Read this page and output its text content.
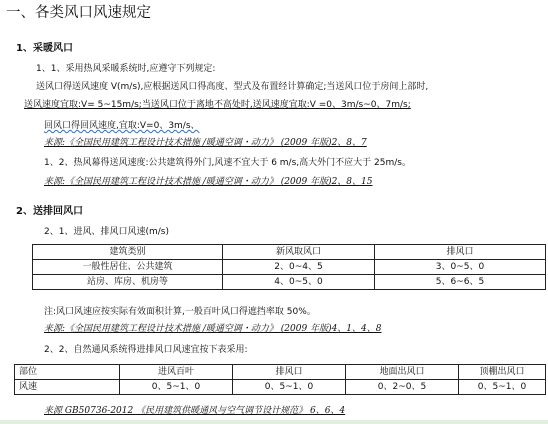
一、各类风口风速规定
1、采暖风口
1、1、采用热风采暖系统时,应遵守下列规定:
送风口得送风速度 V(m/s),应根据送风口得高度、型式及布置经计算确定;当送风口位于房间上部时,
送风速度宜取:V= 5~15m/s;当送风口位于离地不高处时,送风速度宜取:V =0、3m/s~0、7m/s;
回风口得回风速度,宜取:V=0、3m/s、
来源:《全国民用建筑工程设计技术措施 /暖通空调・动力》 (2009 年版)2、8、7
1、2、热风幕得送风速度:公共建筑得外门,风速不宜大于 6 m/s,高大外门不应大于 25m/s。
来源:《全国民用建筑工程设计技术措施 /暖通空调・动力》 (2009 年版)2、8、15
2、送排回风口
2、1、进风、排风口风速(m/s)
建筑类别	新风取风口	排风口
一般性居住、公共建筑	2、0~4、5	3、0~5、0
站房、库房、机房等	4、0~5、0	5、6~6、5
注:风口风速应按实际有效面积计算,一般百叶风口得遮挡率取 50%。
来源:《全国民用建筑工程设计技术措施 /暖通空调・动力》 (2009 年版)4、1、4、8
2、2、自然通风系统得进排风口风速宜按下表采用:
部位	进风百叶	排风口	地面出风口	顶棚出风口
风速	0、5~1、0	0、5~1、0	0、2~0、5	0、5~1、0
来源 GB50736-2012 《民用建筑供暖通风与空气调节设计规范》 6、6、4
